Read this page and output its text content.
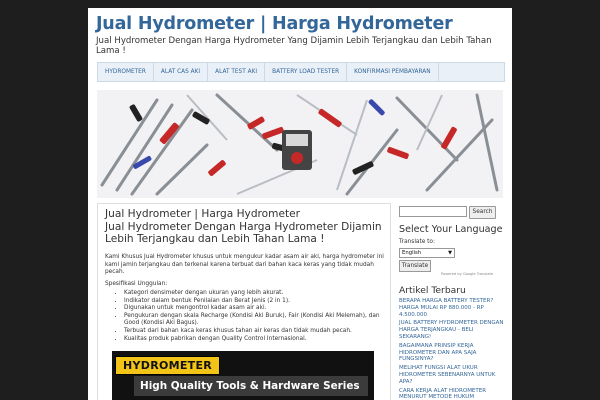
Jual Hydrometer | Harga Hydrometer
Jual Hydrometer Dengan Harga Hydrometer Yang Dijamin Lebih Terjangkau dan Lebih Tahan Lama !
HYDROMETER	ALAT CAS AKI	ALAT TEST AKI	BATTERY LOAD TESTER	KONFIRMASI PEMBAYARAN
Jual Hydrometer | Harga Hydrometer
Jual Hydrometer Dengan Harga Hydrometer Dijamin Lebih Terjangkau dan Lebih Tahan Lama !
Kami Khusus Jual Hydrometer khusus untuk mengukur kadar asam air aki, harga hydrometer ini kami jamin terjangkau dan terkenal karena terbuat dari bahan kaca keras yang tidak mudah pecah.
Spesifikasi Unggulan:
• Kategori densimeter dengan ukuran yang lebih akurat.
• Indikator dalam bentuk Penilaian dan Berat Jenis (2 in 1).
• Digunakan untuk mengontrol kadar asam air aki.
• Pengukuran dengan skala Recharge (Kondisi Aki Buruk), Fair (Kondisi Aki Melemah), dan Good (Kondisi Aki Bagus).
• Terbuat dari bahan kaca keras khusus tahan air keras dan tidak mudah pecah.
• Kualitas produk pabrikan dengan Quality Control Internasional.
HYDROMETER
High Quality Tools & Hardware Series
Search
Select Your Language
Translate to:
English	▼
Translate
Powered by Google Translate
Artikel Terbaru
BERAPA HARGA BATTERY TESTER? HARGA MULAI RP 880.000 - RP 4.500.000
JUAL BATTERY HYDROMETER DENGAN HARGA TERJANGKAU - BELI SEKARANG!
BAGAIMANA PRINSIP KERJA HIDROMETER DAN APA SAJA FUNGSINYA?
MELIHAT FUNGSI ALAT UKUR HIDROMETER SEBENARNYA UNTUK APA?
CARA KERJA ALAT HIDROMETER MENURUT METODE HUKUM
